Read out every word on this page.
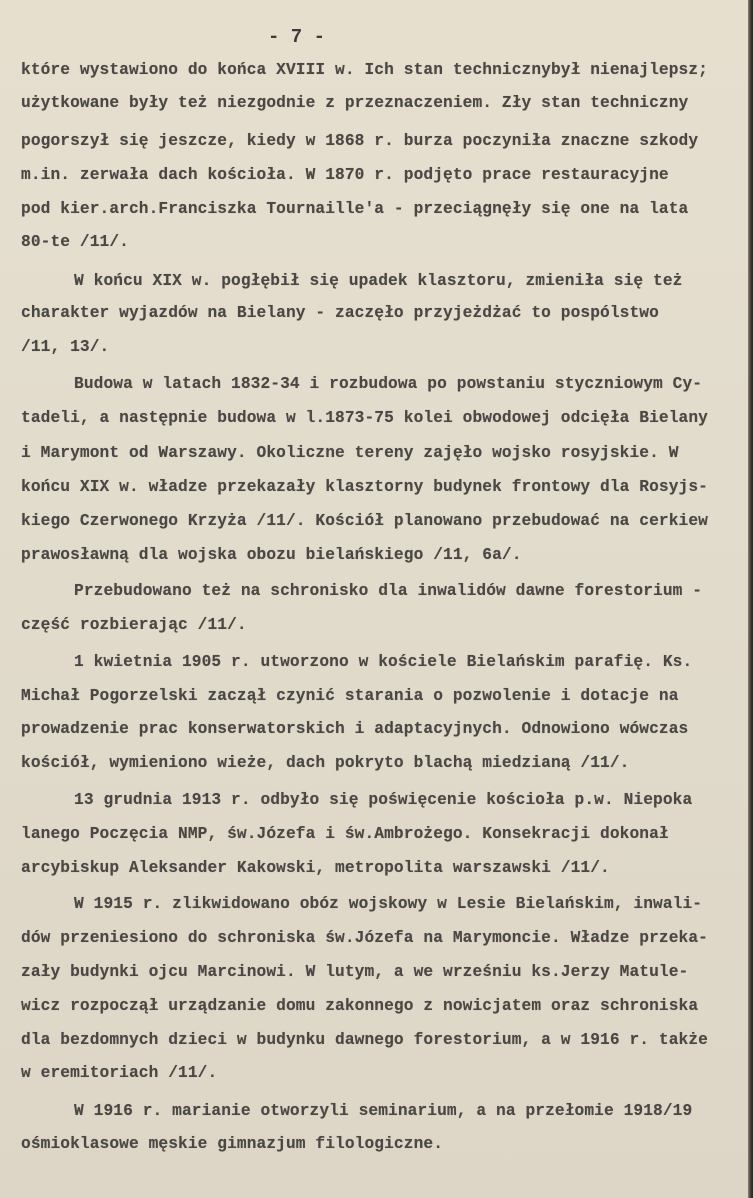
- 7 -
które wystawiono do końca XVIII w. Ich stan technicznybył nienajlepsz;
użytkowane były też niezgodnie z przeznaczeniem. Zły stan techniczny
pogorszył się jeszcze, kiedy w 1868 r. burza poczyniła znaczne szkody
m.in. zerwała dach kościoła. W 1870 r. podjęto prace restauracyjne
pod kier.arch.Franciszka Tournaille'a - przeciągnęły się one na lata
80-te /11/.
W końcu XIX w. pogłębił się upadek klasztoru, zmieniła się też
charakter wyjazdów na Bielany - zaczęło przyjeżdżać to pospólstwo
/11, 13/.
Budowa w latach 1832-34 i rozbudowa po powstaniu styczniowym Cy-
tadeli, a następnie budowa w l.1873-75 kolei obwodowej odcięła Bielany
i Marymont od Warszawy. Okoliczne tereny zajęło wojsko rosyjskie. W
końcu XIX w. władze przekazały klasztorny budynek frontowy dla Rosyjs-
kiego Czerwonego Krzyża /11/. Kościół planowano przebudować na cerkiew
prawosławną dla wojska obozu bielańskiego /11, 6a/.
Przebudowano też na schronisko dla inwalidów dawne forestorium -
część rozbierając /11/.
1 kwietnia 1905 r. utworzono w kościele Bielańskim parafię. Ks.
Michał Pogorzelski zaczął czynić starania o pozwolenie i dotacje na
prowadzenie prac konserwatorskich i adaptacyjnych. Odnowiono wówczas
kościół, wymieniono wieże, dach pokryto blachą miedzianą /11/.
13 grudnia 1913 r. odbyło się poświęcenie kościoła p.w. Niepoka
lanego Poczęcia NMP, św.Józefa i św.Ambrożego. Konsekracji dokonał
arcybiskup Aleksander Kakowski, metropolita warszawski /11/.
W 1915 r. zlikwidowano obóz wojskowy w Lesie Bielańskim, inwali-
dów przeniesiono do schroniska św.Józefa na Marymoncie. Władze przeka-
zały budynki ojcu Marcinowi. W lutym, a we wrześniu ks.Jerzy Matule-
wicz rozpoczął urządzanie domu zakonnego z nowicjatem oraz schroniska
dla bezdomnych dzieci w budynku dawnego forestorium, a w 1916 r. także
w eremitoriach /11/.
W 1916 r. marianie otworzyli seminarium, a na przełomie 1918/19
ośmioklasowe męskie gimnazjum filologiczne.
